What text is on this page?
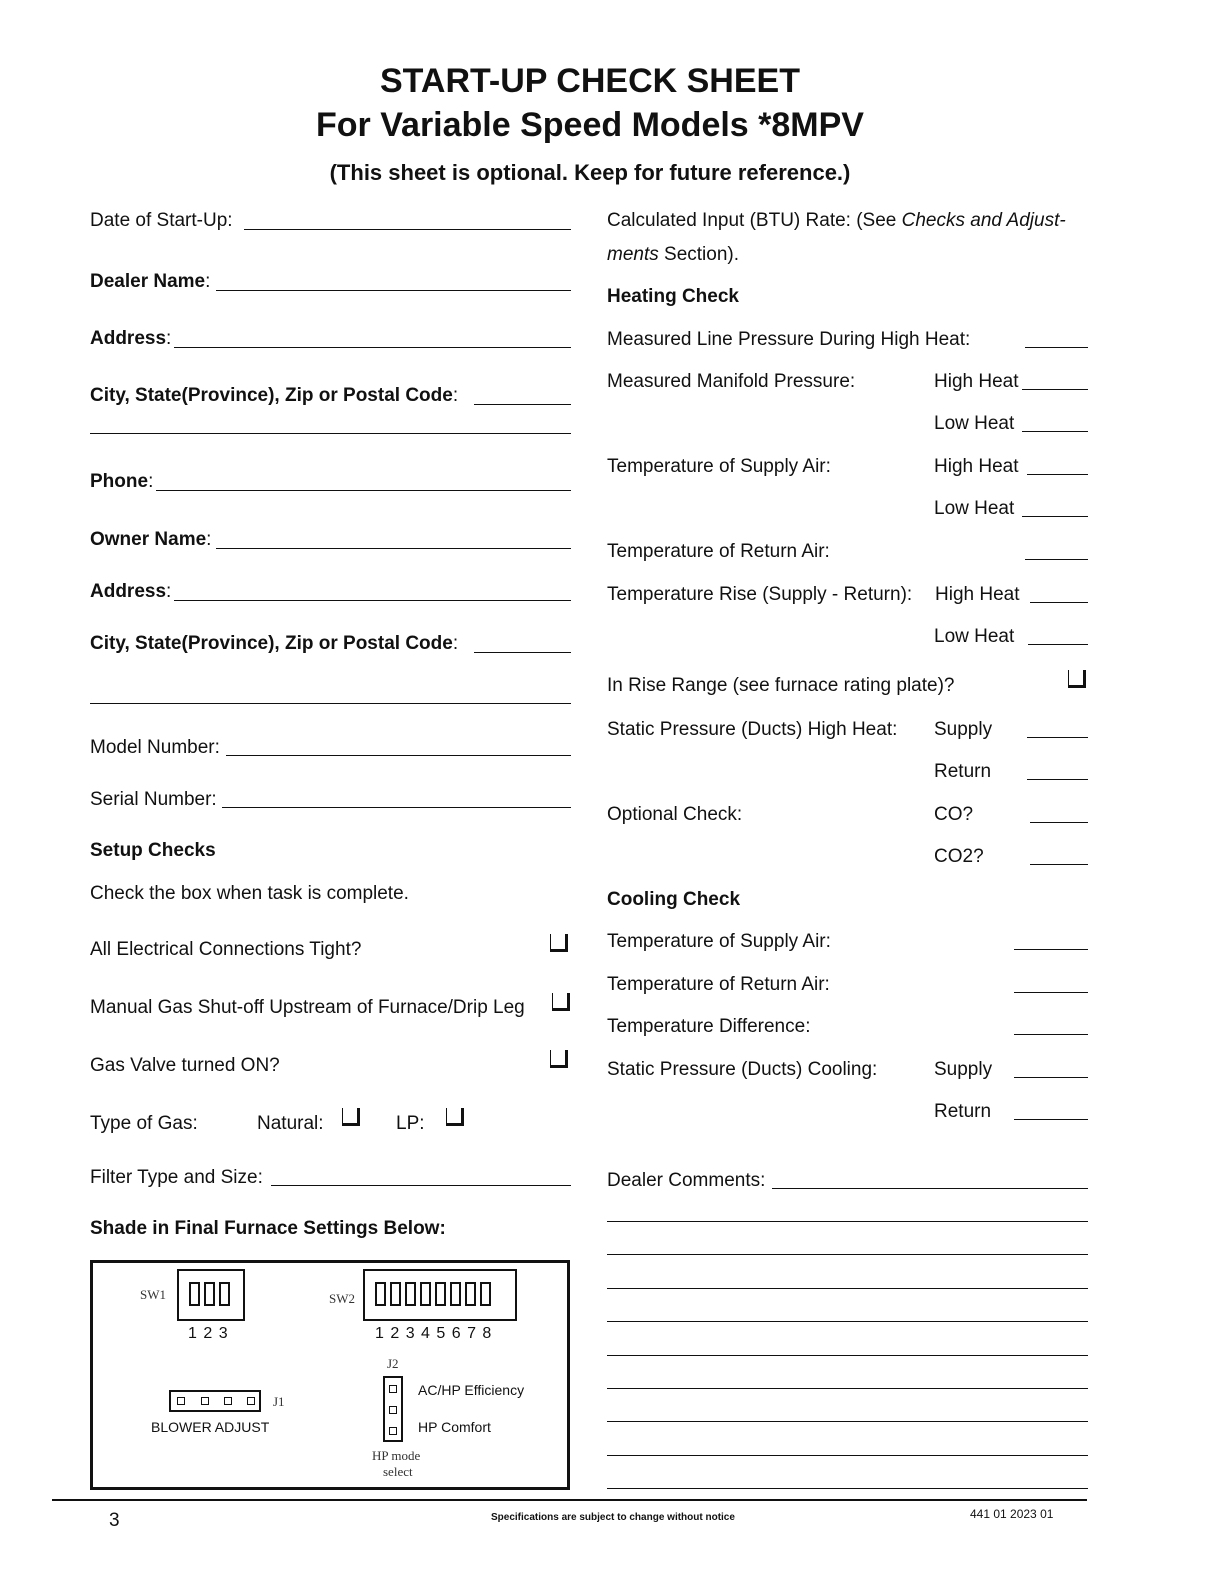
START-UP CHECK SHEET
For Variable Speed Models *8MPV
(This sheet is optional. Keep for future reference.)
Date of Start-Up:
Dealer Name:
Address:
City, State(Province), Zip or Postal Code:
Phone:
Owner Name:
Address:
City, State(Province), Zip or Postal Code:
Model Number:
Serial Number:
Setup Checks
Check the box when task is complete.
All Electrical Connections Tight?
Manual Gas Shut-off Upstream of Furnace/Drip Leg
Gas Valve turned ON?
Type of Gas:	Natural:	LP:
Filter Type and Size:
Shade in Final Furnace Settings Below:
SW1
1 2 3
SW2
1 2 3 4 5 6 7 8
J2
AC/HP Efficiency
HP Comfort
HP mode
select
J1
BLOWER ADJUST
Calculated Input (BTU) Rate: (See Checks and Adjust-
ments Section).
Heating Check
Measured Line Pressure During High Heat:
Measured Manifold Pressure:	High Heat
Low Heat
Temperature of Supply Air:	High Heat
Low Heat
Temperature of Return Air:
Temperature Rise (Supply - Return): High Heat
Low Heat
In Rise Range (see furnace rating plate)?
Static Pressure (Ducts) High Heat: Supply
Return
Optional Check:	CO?
CO2?
Cooling Check
Temperature of Supply Air:
Temperature of Return Air:
Temperature Difference:
Static Pressure (Ducts) Cooling:	Supply
Return
Dealer Comments:
3	Specifications are subject to change without notice	441 01 2023 01
